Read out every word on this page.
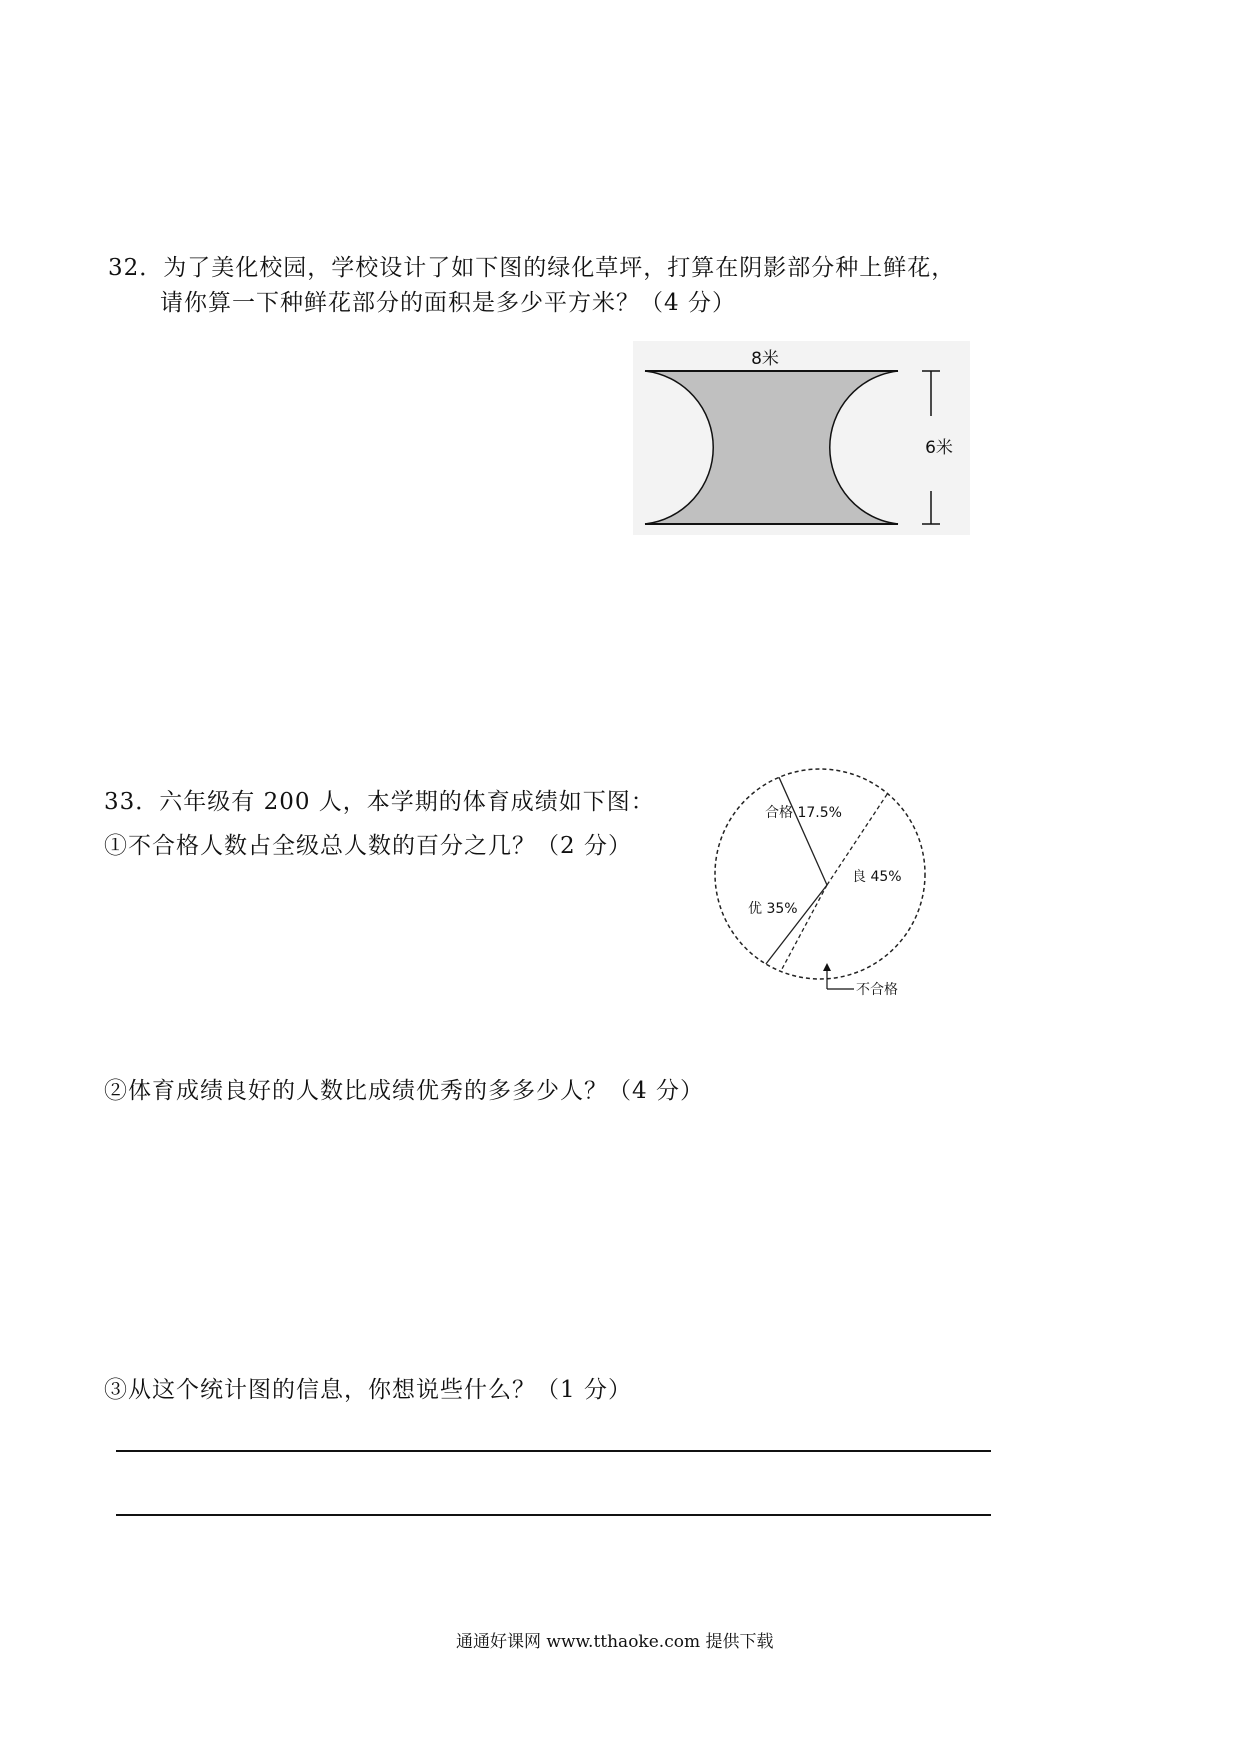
32．为了美化校园，学校设计了如下图的绿化草坪，打算在阴影部分种上鲜花，
请你算一下种鲜花部分的面积是多少平方米？（4 分）
8米
6米
33．六年级有 200 人，本学期的体育成绩如下图：
①不合格人数占全级总人数的百分之几？（2 分）
合格 17.5%
良 45%
优 35%
不合格
②体育成绩良好的人数比成绩优秀的多多少人？（4 分）
③从这个统计图的信息，你想说些什么？（1 分）
通通好课网 www.tthaoke.com 提供下载
